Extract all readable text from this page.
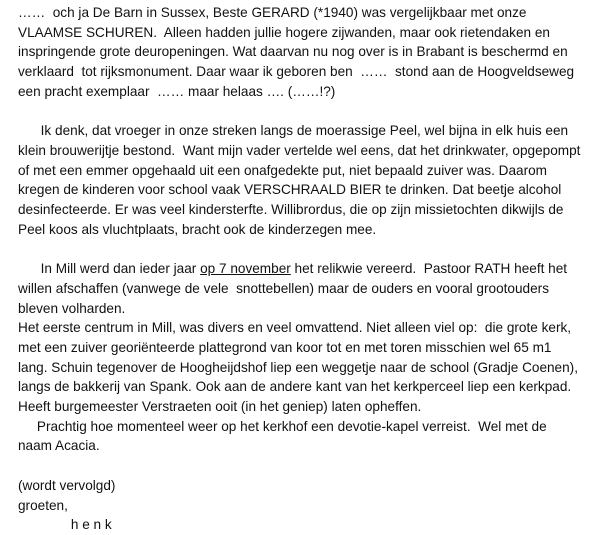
……  och ja De Barn in Sussex, Beste GERARD (*1940) was vergelijkbaar met onze
VLAAMSE SCHUREN.  Alleen hadden jullie hogere zijwanden, maar ook rietendaken en
inspringende grote deuropeningen. Wat daarvan nu nog over is in Brabant is beschermd en
verklaard  tot rijksmonument. Daar waar ik geboren ben  ……  stond aan de Hoogveldseweg
een pracht exemplaar  …… maar helaas …. (……!?)
Ik denk, dat vroeger in onze streken langs de moerassige Peel, wel bijna in elk huis een
klein brouwerijtje bestond.  Want mijn vader vertelde wel eens, dat het drinkwater, opgepompt
of met een emmer opgehaald uit een onafgedekte put, niet bepaald zuiver was. Daarom
kregen de kinderen voor school vaak VERSCHRAALD BIER te drinken. Dat beetje alcohol
desinfecteerde. Er was veel kindersterfte. Willibrordus, die op zijn missietochten dikwijls de
Peel koos als vluchtplaats, bracht ook de kinderzegen mee.
In Mill werd dan ieder jaar op 7 november het relikwie vereerd.  Pastoor RATH heeft het
willen afschaffen (vanwege de vele  snottebellen) maar de ouders en vooral grootouders
bleven volharden.
Het eerste centrum in Mill, was divers en veel omvattend. Niet alleen viel op:  die grote kerk,
met een zuiver georiënteerde plattegrond van koor tot en met toren misschien wel 65 m1
lang. Schuin tegenover de Hoogheijdshof liep een weggetje naar de school (Gradje Coenen),
langs de bakkerij van Spank. Ook aan de andere kant van het kerkperceel liep een kerkpad.
Heeft burgemeester Verstraeten ooit (in het geniep) laten opheffen.
Prachtig hoe momenteel weer op het kerkhof een devotie-kapel verreist.  Wel met de
naam Acacia.
(wordt vervolgd)
groeten,
h e n k
